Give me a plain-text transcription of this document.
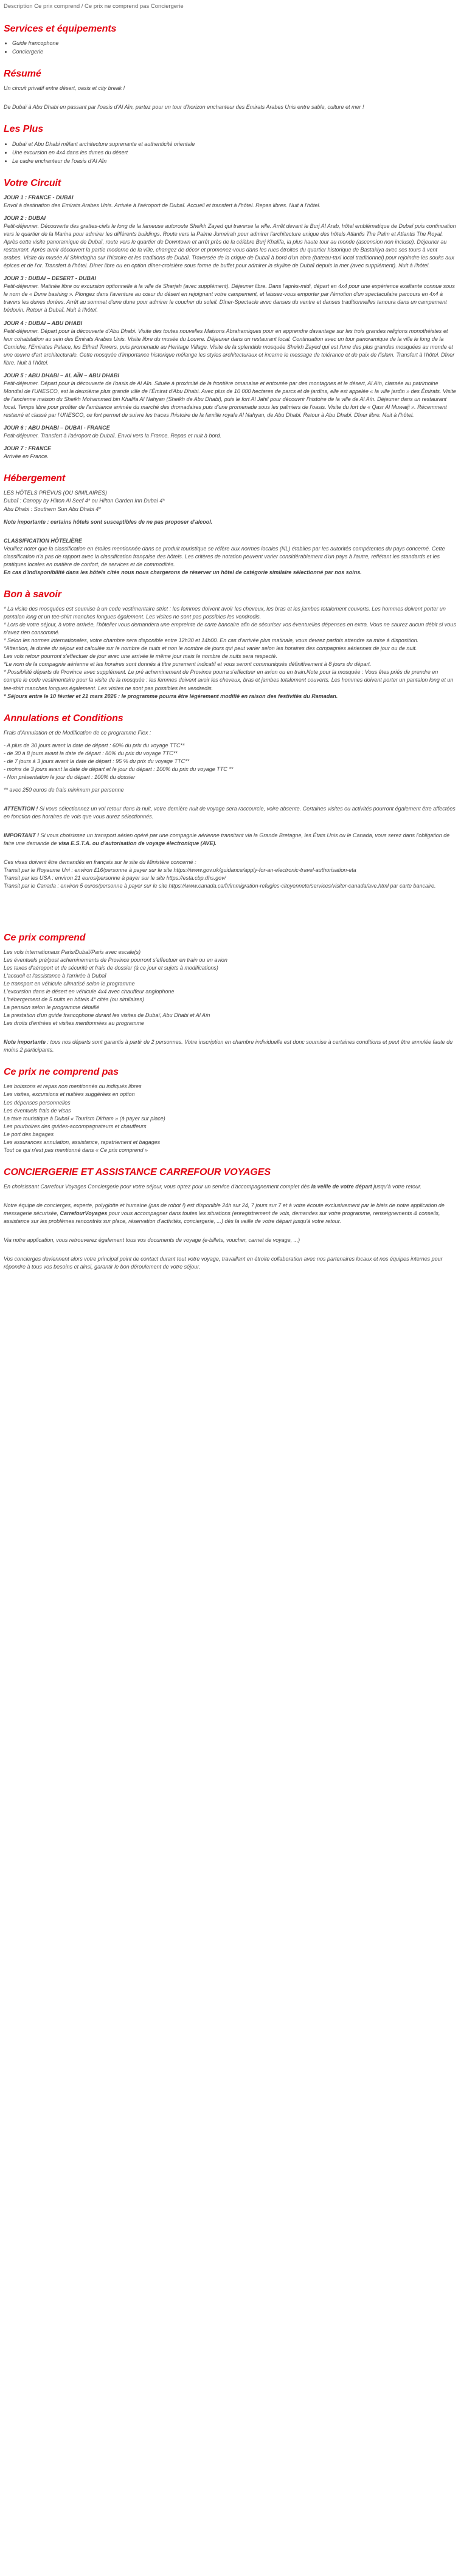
Description Ce prix comprend / Ce prix ne comprend pas Conciergerie
Services et équipements
• Guide francophone
• Conciergerie
Résumé

Un circuit privatif entre désert, oasis et city break !

De Dubaï à Abu Dhabi en passant par l'oasis d'Al Aïn, partez pour un tour d'horizon enchanteur des Emirats Arabes Unis entre sable, culture et mer !

Les Plus
• Dubaï et Abu Dhabi mêlant architecture suprenante et authenticité orientale
• Une excursion en 4x4 dans les dunes du désert
• Le cadre enchanteur de l'oasis d'Al Aïn
Votre Circuit
JOUR 1 : FRANCE - DUBAI
Envol à destination des Emirats Arabes Unis. Arrivée à l'aéroport de Dubaï. Accueil et transfert à l'hôtel. Repas libres. Nuit à l'hôtel.
JOUR 2 : DUBAI
Petit-déjeuner. Découverte des grattes-ciels le long de la fameuse autoroute Sheikh Zayed qui traverse la ville. Arrêt devant le Burj Al Arab, hôtel emblématique de Dubaï puis continuation vers le quartier de la Marina pour admirer les différents buildings. Route vers la Palme Jumeirah pour admirer l'architecture unique des hôtels Atlantis The Palm et Atlantis The Royal. Après cette visite panoramique de Dubaï, route vers le quartier de Downtown et arrêt près de la célèbre Burj Khalifa, la plus haute tour au monde (ascension non incluse). Déjeuner au restaurant. Après avoir découvert la partie moderne de la ville, changez de décor et promenez-vous dans les rues étroites du quartier historique de Bastakiya avec ses tours à vent arabes. Visite du musée Al Shindagha sur l'histoire et les traditions de Dubaï. Traversée de la crique de Dubaï à bord d'un abra (bateau-taxi local traditionnel) pour rejoindre les souks aux épices et de l'or. Transfert à l'hôtel. Dîner libre ou en option dîner-croisière sous forme de buffet pour admirer la skyline de Dubaï depuis la mer (avec supplément). Nuit à l'hôtel.
JOUR 3 : DUBAI – DESERT - DUBAI
Petit-déjeuner. Matinée libre ou excursion optionnelle à la ville de Sharjah (avec supplément). Déjeuner libre. Dans l'après-midi, départ en 4x4 pour une expérience exaltante connue sous le nom de « Dune bashing ». Plongez dans l'aventure au cœur du désert en rejoignant votre campement, et laissez-vous emporter par l'émotion d'un spectaculaire parcours en 4x4 à travers les dunes dorées. Arrêt au sommet d'une dune pour admirer le coucher du soleil. Dîner-Spectacle avec danses du ventre et danses traditionnelles tanoura dans un campement bédouin. Retour à Dubaï. Nuit à l'hôtel.
JOUR 4 : DUBAI – ABU DHABI
Petit-déjeuner. Départ pour la découverte d'Abu Dhabi. Visite des toutes nouvelles Maisons Abrahamiques pour en apprendre davantage sur les trois grandes religions monothéistes et leur cohabitation au sein des Émirats Arabes Unis. Visite libre du musée du Louvre. Déjeuner dans un restaurant local. Continuation avec un tour panoramique de la ville le long de la Corniche, l'Emirates Palace, les Etihad Towers, puis promenade au Heritage Village. Visite de la splendide mosquée Sheikh Zayed qui est l'une des plus grandes mosquées au monde et une œuvre d'art architecturale. Cette mosquée d'importance historique mélange les styles architecturaux et incarne le message de tolérance et de paix de l'islam. Transfert à l'hôtel. Dîner libre. Nuit à l'hôtel.
JOUR 5 : ABU DHABI – AL AÏN – ABU DHABI
Petit-déjeuner. Départ pour la découverte de l'oasis de Al Aïn. Située à proximité de la frontière omanaise et entourée par des montagnes et le désert, Al Aïn, classée au patrimoine Mondial de l'UNESCO, est la deuxième plus grande ville de l'Émirat d'Abu Dhabi. Avec plus de 10 000 hectares de parcs et de jardins, elle est appelée « la ville jardin » des Émirats. Visite de l'ancienne maison du Sheikh Mohammed bin Khalifa Al Nahyan (Sheikh de Abu Dhabi), puis le fort Al Jahil pour découvrir l'histoire de la ville de Al Aïn. Déjeuner dans un restaurant local. Temps libre pour profiter de l'ambiance animée du marché des dromadaires puis d'une promenade sous les palmiers de l'oasis. Visite du fort de « Qasr Al Muwaiji ». Récemment restauré et classé par l'UNESCO, ce fort permet de suivre les traces l'histoire de la famille royale Al Nahyan, de Abu Dhabi. Retour à Abu Dhabi. Dîner libre. Nuit à l'hôtel.
JOUR 6 : ABU DHABI – DUBAI - FRANCE
Petit-déjeuner. Transfert à l'aéroport de Dubaï. Envol vers la France. Repas et nuit à bord.
JOUR 7 : FRANCE
Arrivée en France.
Hébergement

LES HÔTELS PRÉVUS (OU SIMILAIRES)

Dubaï : Canopy by Hilton Al Seef 4* ou Hilton Garden Inn Dubai 4*

Abu Dhabi : Southern Sun Abu Dhabi 4*

Note importante : certains hôtels sont susceptibles de ne pas proposer d'alcool.

CLASSIFICATION HÔTELIÈRE

Veuillez noter que la classification en étoiles mentionnée dans ce produit touristique se réfère aux normes locales (NL) établies par les autorités compétentes du pays concerné. Cette classification n'a pas de rapport avec la classification française des hôtels. Les critères de notation peuvent varier considérablement d'un pays à l'autre, reflétant les standards et les pratiques locales en matière de confort, de services et de commodités.

En cas d'indisponibilité dans les hôtels cités nous nous chargerons de réserver un hôtel de catégorie similaire sélectionné par nos soins.

Bon à savoir

* La visite des mosquées est soumise à un code vestimentaire strict : les femmes doivent avoir les cheveux, les bras et les jambes totalement couverts. Les hommes doivent porter un pantalon long et un tee-shirt manches longues également. Les visites ne sont pas possibles les vendredis.

* Lors de votre séjour, à votre arrivée, l'hôtelier vous demandera une empreinte de carte bancaire afin de sécuriser vos éventuelles dépenses en extra. Vous ne saurez aucun débit si vous n'avez rien consommé.

* Selon les normes internationales, votre chambre sera disponible entre 12h30 et 14h00. En cas d'arrivée plus matinale, vous devrez parfois attendre sa mise à disposition.

*Attention, la durée du séjour est calculée sur le nombre de nuits et non le nombre de jours qui peut varier selon les horaires des compagnies aériennes de jour ou de nuit.

Les vols retour pourront s'effectuer de jour avec une arrivée le même jour mais le nombre de nuits sera respecté.

*Le nom de la compagnie aérienne et les horaires sont donnés à titre purement indicatif et vous seront communiqués définitivement à 8 jours du départ.

* Possibilité départs de Province avec supplément. Le pré acheminement de Province pourra s'effectuer en avion ou en train.Note pour la mosquée : Vous êtes priés de prendre en compte le code vestimentaire pour la visite de la mosquée : les femmes doivent avoir les cheveux, bras et jambes totalement couverts. Les hommes doivent porter un pantalon long et un tee-shirt manches longues également. Les visites ne sont pas possibles les vendredis.

* Séjours entre le 10 février et 21 mars 2026 : le programme pourra être légèrement modifié en raison des festivités du Ramadan.

Annulations et Conditions

Frais d'Annulation et de Modification de ce programme Flex :

- A plus de 30 jours avant la date de départ : 60% du prix du voyage TTC**

- de 30 à 8 jours avant la date de départ : 80% du prix du voyage TTC**

- de 7 jours à 3 jours avant la date de départ : 95 % du prix du voyage TTC**

- moins de 3 jours avant la date de départ et le jour du départ : 100% du prix du voyage TTC **

- Non présentation le jour du départ : 100% du dossier

** avec 250 euros de frais minimum par personne

ATTENTION ! Si vous sélectionnez un vol retour dans la nuit, votre dernière nuit de voyage sera raccourcie, voire absente. Certaines visites ou activités pourront également être affectées en fonction des horaires de vols que vous aurez sélectionnés.

IMPORTANT ! Si vous choisissez un transport aérien opéré par une compagnie aérienne transitant via la Grande Bretagne, les États Unis ou le Canada, vous serez dans l'obligation de faire une demande de visa E.S.T.A. ou d'autorisation de voyage électronique (AVE).

Ces visas doivent être demandés en français sur le site du Ministère concerné :

Transit par le Royaume Uni : environ £16/personne à payer sur le site https://www.gov.uk/guidance/apply-for-an-electronic-travel-authorisation-eta

Transit par les USA : environ 21 euros/personne à payer sur le site https://esta.cbp.dhs.gov/

Transit par le Canada : environ 5 euros/personne à payer sur le site https://www.canada.ca/fr/immigration-refugies-citoyennete/services/visiter-canada/ave.html par carte bancaire.

Ce prix comprend

Les vols internationaux Paris/Dubaï/Paris avec escale(s)

Les éventuels pré/post acheminements de Province pourront s'effectuer en train ou en avion

Les taxes d'aéroport et de sécurité et frais de dossier (à ce jour et sujets à modifications)

L'accueil et l'assistance à l'arrivée à Dubaï

Le transport en véhicule climatisé selon le programme

L'excursion dans le désert en véhicule 4x4 avec chauffeur anglophone

L'hébergement de 5 nuits en hôtels 4* cités (ou similaires)

La pension selon le programme détaillé

La prestation d'un guide francophone durant les visites de Dubaï, Abu Dhabi et Al Aïn

Les droits d'entrées et visites mentionnées au programme

Note importante : tous nos départs sont garantis à partir de 2 personnes. Votre inscription en chambre individuelle est donc soumise à certaines conditions et peut être annulée faute du moins 2 participants.

Ce prix ne comprend pas

Les boissons et repas non mentionnés ou indiqués libres

Les visites, excursions et nuitées suggérées en option

Les dépenses personnelles

Les éventuels frais de visas

La taxe touristique à Dubaï « Tourism Dirham » (à payer sur place)

Les pourboires des guides-accompagnateurs et chauffeurs

Le port des bagages

Les assurances annulation, assistance, rapatriement et bagages

Tout ce qui n'est pas mentionné dans « Ce prix comprend »

CONCIERGERIE ET ASSISTANCE CARREFOUR VOYAGES

En choisissant Carrefour Voyages Conciergerie pour votre séjour, vous optez pour un service d'accompagnement complet dès la veille de votre départ jusqu'à votre retour.

Notre équipe de concierges, experte, polyglotte et humaine (pas de robot !) est disponible 24h sur 24, 7 jours sur 7 et à votre écoute exclusivement par le biais de notre application de messagerie sécurisée, CarrefourVoyages pour vous accompagner dans toutes les situations (enregistrement de vols, demandes sur votre programme, renseignements & conseils, assistance sur les problèmes rencontrés sur place, réservation d'activités, conciergerie, ...) dès la veille de votre départ jusqu'à votre retour.

Via notre application, vous retrouverez également tous vos documents de voyage (e-billets, voucher, carnet de voyage, ...)

Vos concierges deviennent alors votre principal point de contact durant tout votre voyage, travaillant en étroite collaboration avec nos partenaires locaux et nos équipes internes pour répondre à tous vos besoins et ainsi, garantir le bon déroulement de votre séjour.
